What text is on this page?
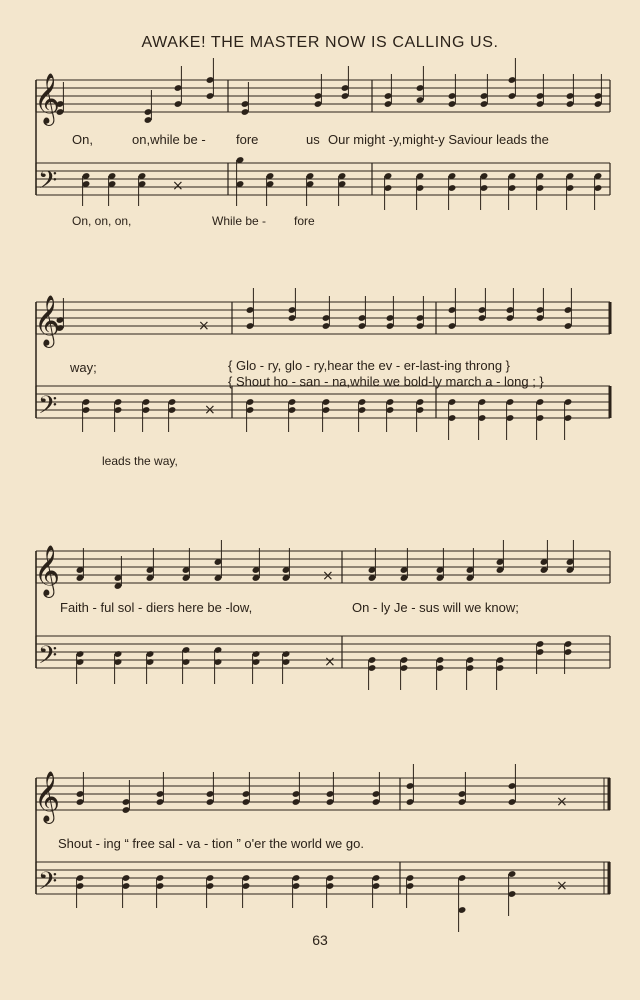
AWAKE! THE MASTER NOW IS CALLING US.
×
×
×
×
×
×
×
𝄞
𝄢
𝄞
𝄢
𝄞
𝄢
𝄞
𝄢
On,	on,while be - fore	us Our might -y,might-y Saviour leads the
On, on, on,	While be - fore
way;	{ Glo - ry, glo - ry,hear the ev - er-last-ing throng }
{ Shout ho - san - na,while we bold-ly march a - long ; }
leads the way,
Faith - ful sol - diers here be -low,	On - ly Je - sus will we know;
Shout - ing “ free sal - va - tion ” o'er the world we go.
63
